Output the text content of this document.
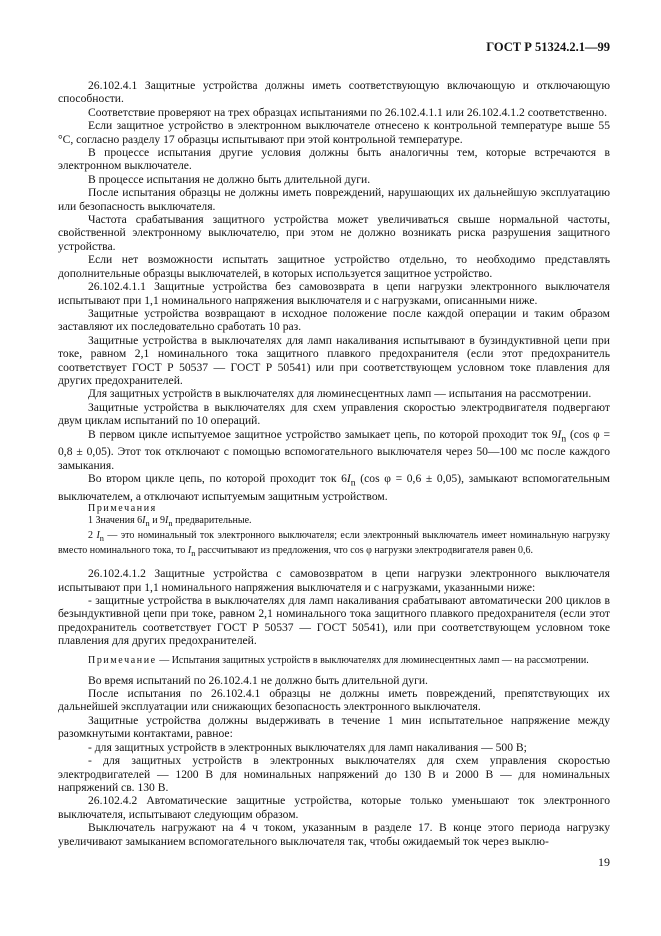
ГОСТ Р 51324.2.1—99

26.102.4.1 Защитные устройства должны иметь соответствующую включающую и отключающую способности.

Соответствие проверяют на трех образцах испытаниями по 26.102.4.1.1 или 26.102.4.1.2 соответственно.

Если защитное устройство в электронном выключателе отнесено к контрольной температуре выше 55 °С, согласно разделу 17 образцы испытывают при этой контрольной температуре.

В процессе испытания другие условия должны быть аналогичны тем, которые встречаются в электронном выключателе.

В процессе испытания не должно быть длительной дуги.

После испытания образцы не должны иметь повреждений, нарушающих их дальнейшую эксплуатацию или безопасность выключателя.

Частота срабатывания защитного устройства может увеличиваться свыше нормальной частоты, свойственной электронному выключателю, при этом не должно возникать риска разрушения защитного устройства.

Если нет возможности испытать защитное устройство отдельно, то необходимо представлять дополнительные образцы выключателей, в которых используется защитное устройство.

26.102.4.1.1 Защитные устройства без самовозврата в цепи нагрузки электронного выключателя испытывают при 1,1 номинального напряжения выключателя и с нагрузками, описанными ниже.

Защитные устройства возвращают в исходное положение после каждой операции и таким образом заставляют их последовательно сработать 10 раз.

Защитные устройства в выключателях для ламп накаливания испытывают в бузиндуктивной цепи при токе, равном 2,1 номинального тока защитного плавкого предохранителя (если этот предохранитель соответствует ГОСТ Р 50537 — ГОСТ Р 50541) или при соответствующем условном токе плавления для других предохранителей.

Для защитных устройств в выключателях для люминесцентных ламп — испытания на рассмотрении.

Защитные устройства в выключателях для схем управления скоростью электродвигателя подвергают двум циклам испытаний по 10 операций.

В первом цикле испытуемое защитное устройство замыкает цепь, по которой проходит ток $9I_n$ (cos φ = 0,8 ± 0,05). Этот ток отключают с помощью вспомогательного выключателя через 50—100 мс после каждого замыкания.

Во втором цикле цепь, по которой проходит ток $6I_n$ (cos φ = 0,6 ± 0,05), замыкают вспомогательным выключателем, а отключают испытуемым защитным устройством.

Примечания

1 Значения $6I_n$ и $9I_n$ предварительные.

2 $I_n$ — это номинальный ток электронного выключателя; если электронный выключатель имеет номинальную нагрузку вместо номинального тока, то $I_n$ рассчитывают из предложения, что cos φ нагрузки электродвигателя равен 0,6.

26.102.4.1.2 Защитные устройства с самовозвратом в цепи нагрузки электронного выключателя испытывают при 1,1 номинального напряжения выключателя и с нагрузками, указанными ниже:

- защитные устройства в выключателях для ламп накаливания срабатывают автоматически 200 циклов в безындуктивной цепи при токе, равном 2,1 номинального тока защитного плавкого предохранителя (если этот предохранитель соответствует ГОСТ Р 50537 — ГОСТ 50541), или при соответствующем условном токе плавления для других предохранителей.

Примечание — Испытания защитных устройств в выключателях для люминесцентных ламп — на рассмотрении.

Во время испытаний по 26.102.4.1 не должно быть длительной дуги.

После испытания по 26.102.4.1 образцы не должны иметь повреждений, препятствующих их дальнейшей эксплуатации или снижающих безопасность электронного выключателя.

Защитные устройства должны выдерживать в течение 1 мин испытательное напряжение между разомкнутыми контактами, равное:

- для защитных устройств в электронных выключателях для ламп накаливания — 500 В;

- для защитных устройств в электронных выключателях для схем управления скоростью электродвигателей — 1200 В для номинальных напряжений до 130 В и 2000 В — для номинальных напряжений св. 130 В.

26.102.4.2 Автоматические защитные устройства, которые только уменьшают ток электронного выключателя, испытывают следующим образом.

Выключатель нагружают на 4 ч током, указанным в разделе 17. В конце этого периода нагрузку увеличивают замыканием вспомогательного выключателя так, чтобы ожидаемый ток через выклю-

19
